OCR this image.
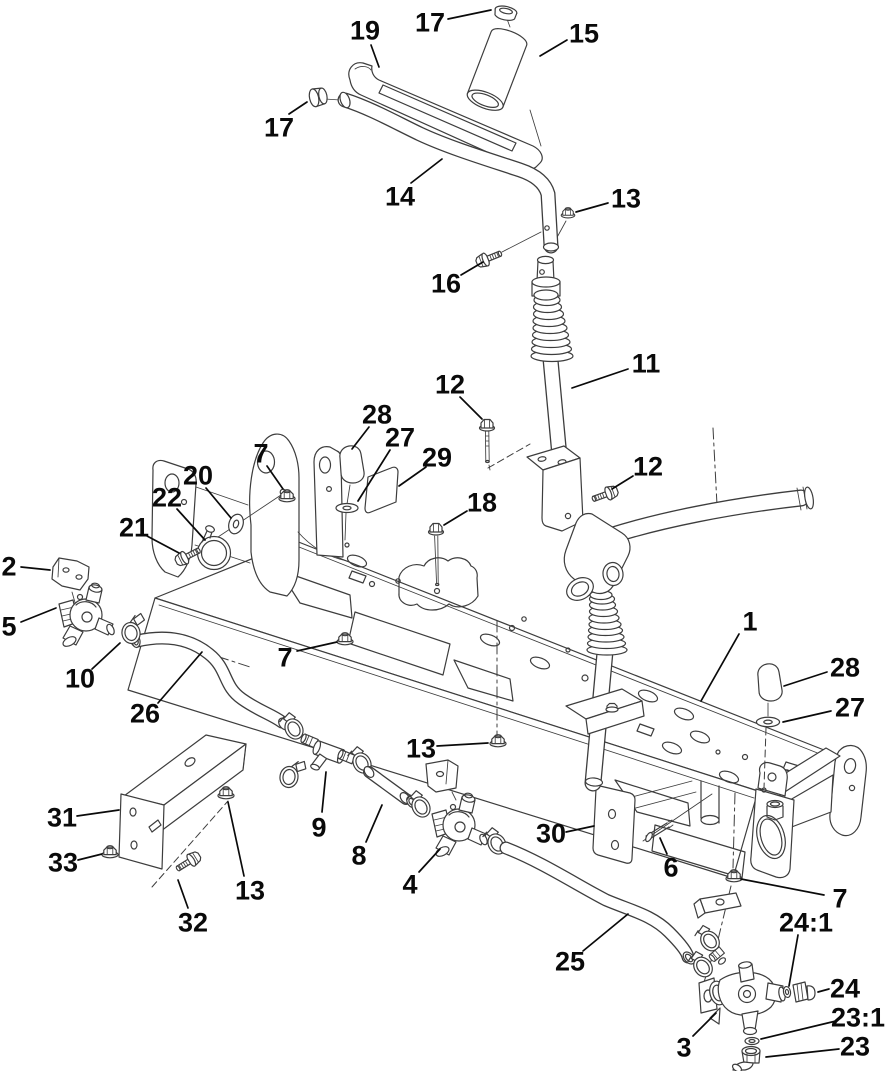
17
19	15
17
14	13
16
11
12
12
28
27
29
18
7
20
22
21
2
5
10
26
7
1
28
27
31
33
32
13
9
8
13
4
30
6
7
25
24:1
24
23:1
23
3
